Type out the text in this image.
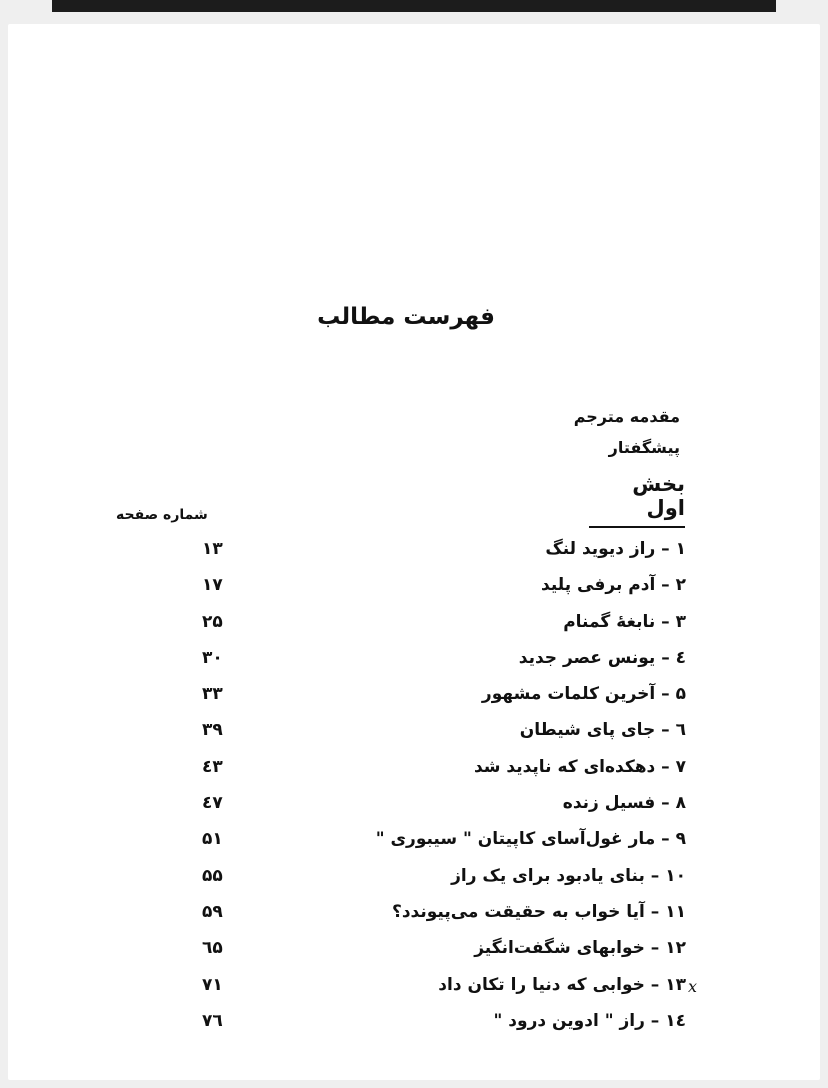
فهرست مطالب
مقدمه مترجم
پیشگفتار
بخش اول
شماره صفحه
١ – راز دیوید لنگ
۱۳
۲ – آدم برفی پلید
۱۷
۳ – نابغهٔ گمنام
۲۵
٤ – یونس عصر جدید
۳۰
۵ – آخرین کلمات مشهور
۳۳
٦ – جای پای شیطان
۳۹
۷ – دهکده‌ای که ناپدید شد
٤۳
۸ – فسیل زنده
٤۷
۹ – مار غول‌آسای کاپیتان " سیبوری "
۵۱
۱۰ – بنای یادبود برای یک راز
۵۵
۱۱ – آیا خواب به حقیقت می‌پیوندد؟
۵۹
۱۲ – خوابهای شگفت‌انگیز
٦۵
۱۳ – خوابی که دنیا را تکان داد
۷۱	x
١٤ – راز " ادوین درود "
۷٦
